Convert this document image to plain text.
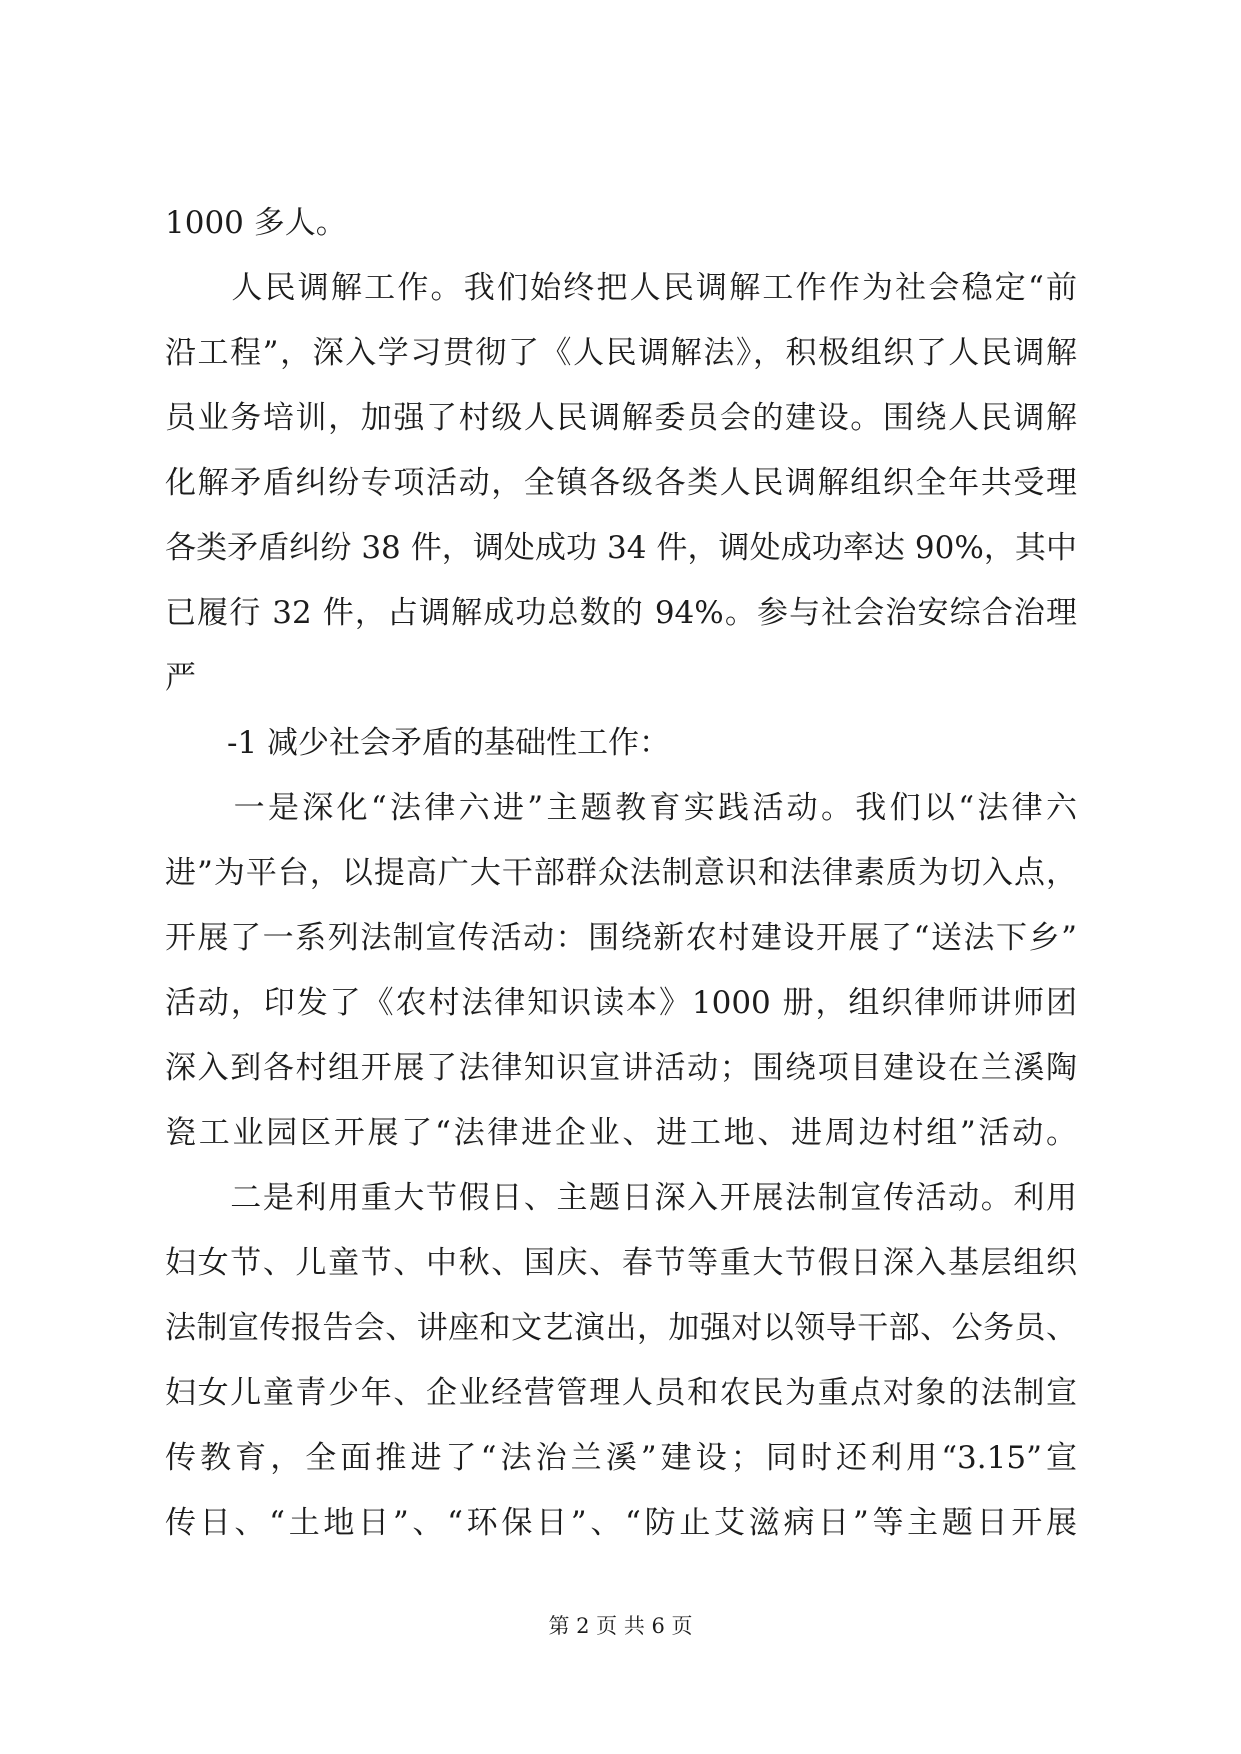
1000 多人。
　　人民调解工作。我们始终把人民调解工作作为社会稳定“前
沿工程”，深入学习贯彻了《人民调解法》，积极组织了人民调解
员业务培训，加强了村级人民调解委员会的建设。围绕人民调解
化解矛盾纠纷专项活动，全镇各级各类人民调解组织全年共受理
各类矛盾纠纷 38 件，调处成功 34 件，调处成功率达 90%，其中
已履行 32 件，占调解成功总数的 94%。参与社会治安综合治理
严
　　-1 减少社会矛盾的基础性工作：
　　一是深化“法律六进”主题教育实践活动。我们以“法律六
进”为平台，以提高广大干部群众法制意识和法律素质为切入点，
开展了一系列法制宣传活动：围绕新农村建设开展了“送法下乡”
活动，印发了《农村法律知识读本》1000 册，组织律师讲师团
深入到各村组开展了法律知识宣讲活动；围绕项目建设在兰溪陶
瓷工业园区开展了“法律进企业、进工地、进周边村组”活动。
　　二是利用重大节假日、主题日深入开展法制宣传活动。利用
妇女节、儿童节、中秋、国庆、春节等重大节假日深入基层组织
法制宣传报告会、讲座和文艺演出，加强对以领导干部、公务员、
妇女儿童青少年、企业经营管理人员和农民为重点对象的法制宣
传教育，全面推进了“法治兰溪”建设；同时还利用“3.15”宣
传日、“土地日”、“环保日”、“防止艾滋病日”等主题日开展
第 2 页 共 6 页
